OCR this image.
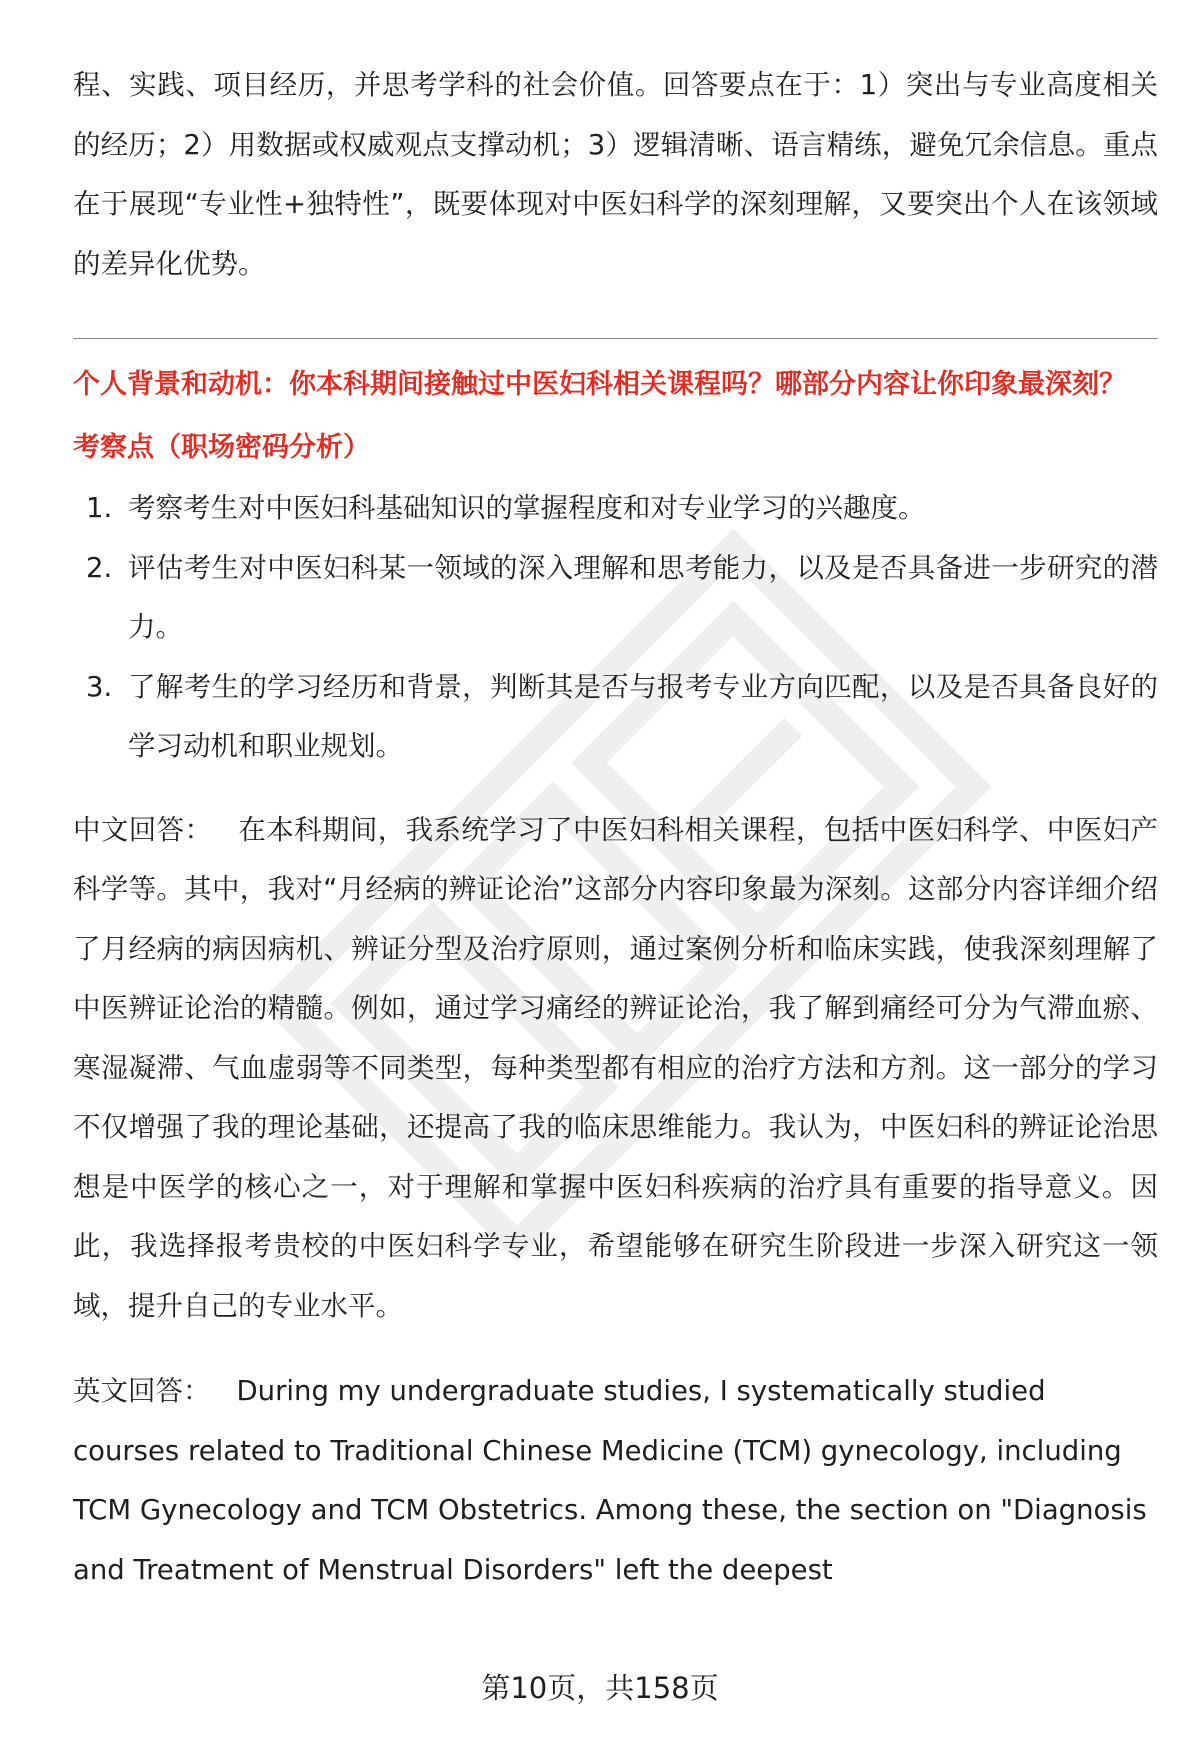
程、实践、项目经历，并思考学科的社会价值。回答要点在于：1）突出与专业高度相关的经历；2）用数据或权威观点支撑动机；3）逻辑清晰、语言精练，避免冗余信息。重点在于展现“专业性+独特性”，既要体现对中医妇科学的深刻理解，又要突出个人在该领域的差异化优势。

个人背景和动机：你本科期间接触过中医妇科相关课程吗？哪部分内容让你印象最深刻？

考察点（职场密码分析）

1. 考察考生对中医妇科基础知识的掌握程度和对专业学习的兴趣度。
2. 评估考生对中医妇科某一领域的深入理解和思考能力，以及是否具备进一步研究的潜力。
3. 了解考生的学习经历和背景，判断其是否与报考专业方向匹配，以及是否具备良好的学习动机和职业规划。

中文回答： 在本科期间，我系统学习了中医妇科相关课程，包括中医妇科学、中医妇产科学等。其中，我对“月经病的辨证论治”这部分内容印象最为深刻。这部分内容详细介绍了月经病的病因病机、辨证分型及治疗原则，通过案例分析和临床实践，使我深刻理解了中医辨证论治的精髓。例如，通过学习痛经的辨证论治，我了解到痛经可分为气滞血瘀、寒湿凝滞、气血虚弱等不同类型，每种类型都有相应的治疗方法和方剂。这一部分的学习不仅增强了我的理论基础，还提高了我的临床思维能力。我认为，中医妇科的辨证论治思想是中医学的核心之一，对于理解和掌握中医妇科疾病的治疗具有重要的指导意义。因此，我选择报考贵校的中医妇科学专业，希望能够在研究生阶段进一步深入研究这一领域，提升自己的专业水平。

英文回答： During my undergraduate studies, I systematically studied courses related to Traditional Chinese Medicine (TCM) gynecology, including TCM Gynecology and TCM Obstetrics. Among these, the section on "Diagnosis and Treatment of Menstrual Disorders" left the deepest

第10页，共158页
